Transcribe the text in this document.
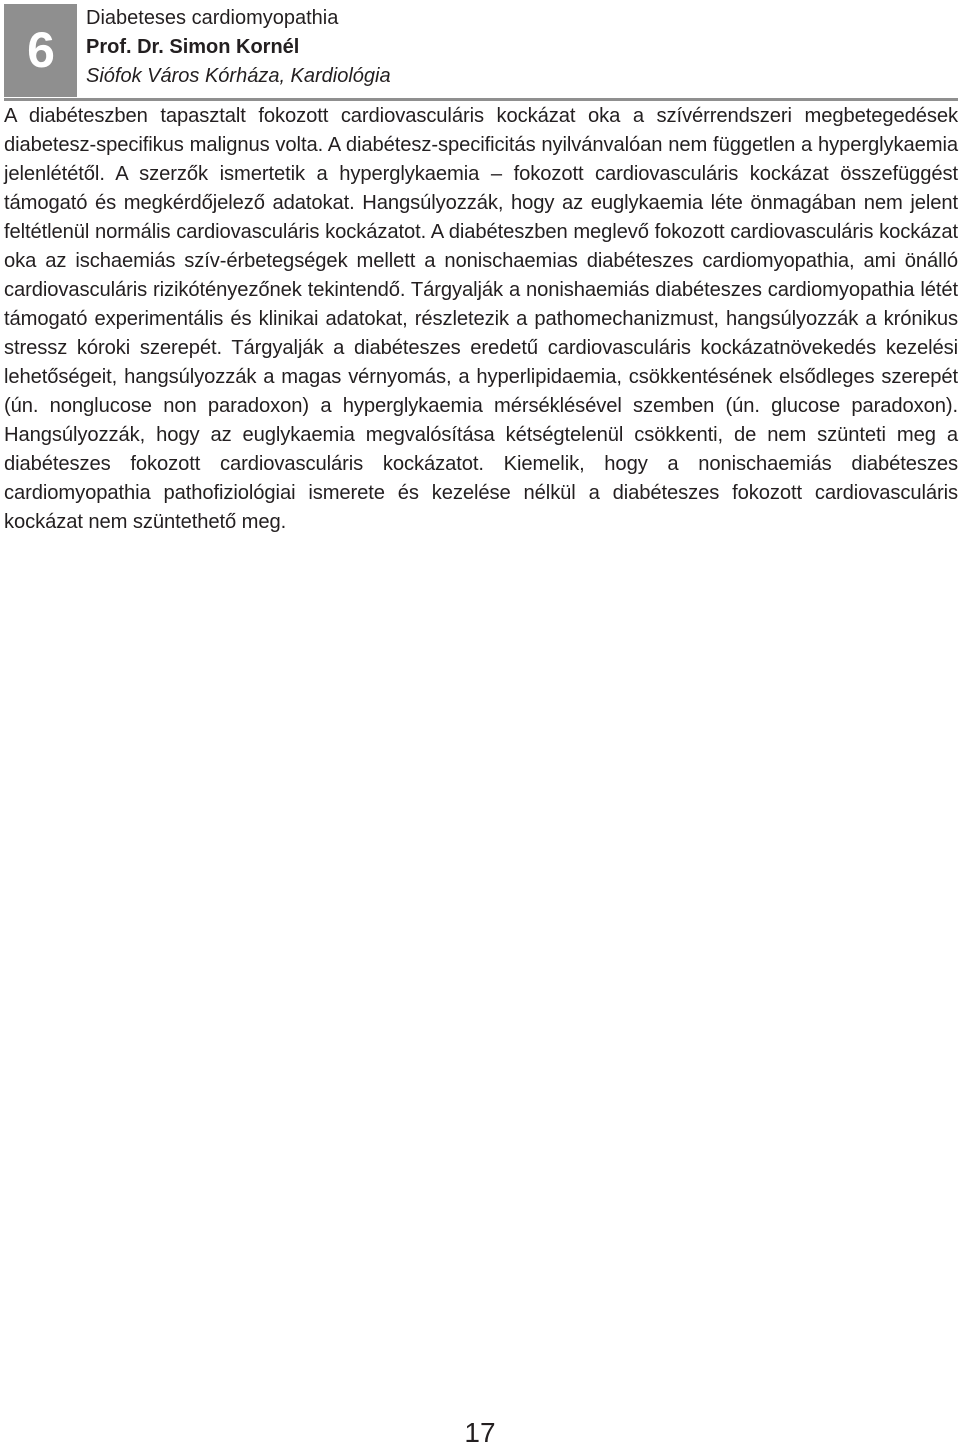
6
Diabeteses cardiomyopathia
Prof. Dr. Simon Kornél
Siófok Város Kórháza, Kardiológia

A diabéteszben tapasztalt fokozott cardiovasculáris kockázat oka a szívérrendszeri megbetegedések diabetesz-specifikus malignus volta. A diabétesz-specificitás nyilvánvalóan nem független a hyperglykaemia jelenlététől. A szerzők ismertetik a hyperglykaemia – fokozott cardiovasculáris kockázat összefüggést támogató és megkérdőjelező adatokat. Hangsúlyozzák, hogy az euglykaemia léte önmagában nem jelent feltétlenül normális cardiovasculáris kockázatot. A diabéteszben meglevő fokozott cardiovasculáris kockázat oka az ischaemiás szív-érbetegségek mellett a nonischaemias diabéteszes cardiomyopathia, ami önálló cardiovasculáris rizikótényezőnek tekintendő. Tárgyalják a nonishaemiás diabéteszes cardiomyopathia létét támogató experimentális és klinikai adatokat, részletezik a pathomechanizmust, hangsúlyozzák a krónikus stressz kóroki szerepét. Tárgyalják a diabéteszes eredetű cardiovasculáris kockázatnövekedés kezelési lehetőségeit, hangsúlyozzák a magas vérnyomás, a hyperlipidaemia, csökkentésének elsődleges szerepét (ún. nonglucose non paradoxon) a hyperglykaemia mérséklésével szemben (ún. glucose paradoxon). Hangsúlyozzák, hogy az euglykaemia megvalósítása kétségtelenül csökkenti, de nem szünteti meg a diabéteszes fokozott cardiovasculáris kockázatot. Kiemelik, hogy a nonischaemiás diabéteszes cardiomyopathia pathofiziológiai ismerete és kezelése nélkül a diabéteszes fokozott cardiovasculáris kockázat nem szüntethető meg.

17
